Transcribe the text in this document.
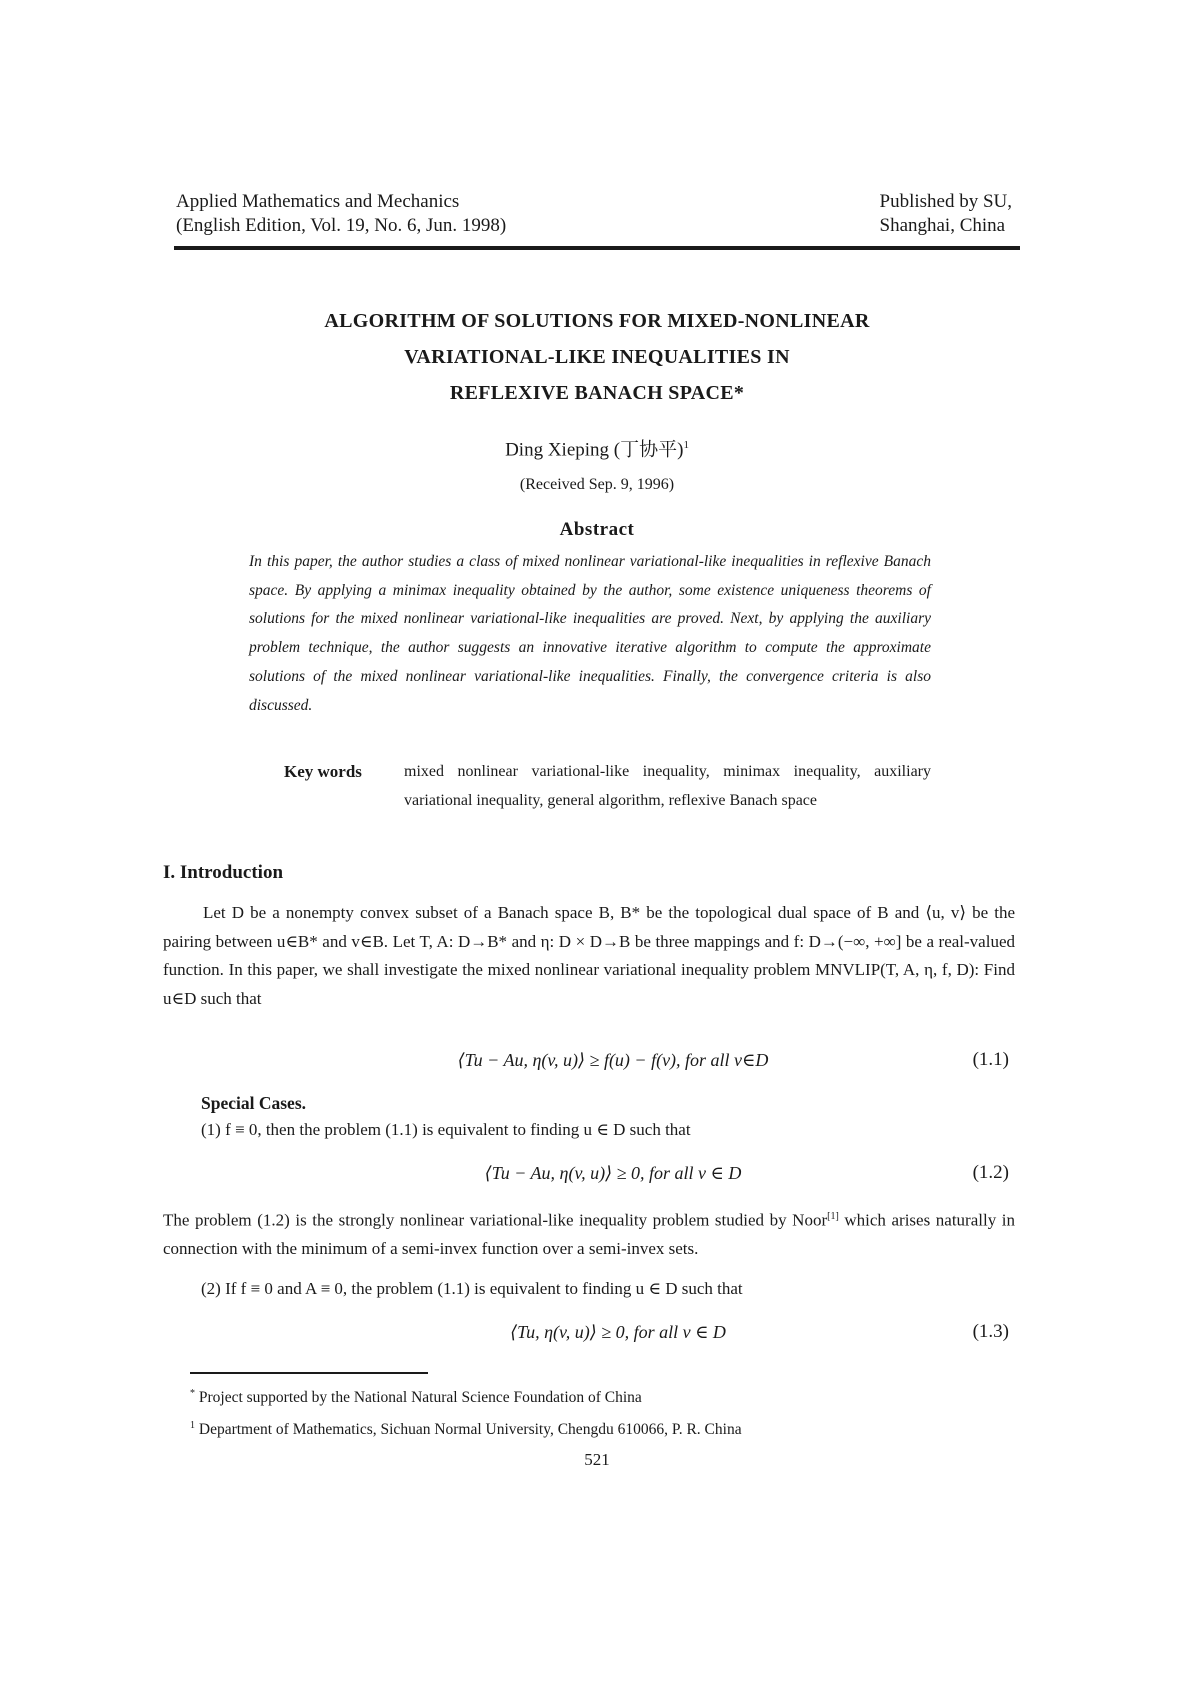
Applied Mathematics and Mechanics
(English Edition, Vol. 19, No. 6, Jun. 1998)
Published by SU,
Shanghai, China
ALGORITHM OF SOLUTIONS FOR MIXED-NONLINEAR
VARIATIONAL-LIKE INEQUALITIES IN
REFLEXIVE BANACH SPACE*
Ding Xieping (丁协平)$^1$
(Received Sep. 9, 1996)
Abstract
In this paper, the author studies a class of mixed nonlinear variational-like inequalities in reflexive Banach space. By applying a minimax inequality obtained by the author, some existence uniqueness theorems of solutions for the mixed nonlinear variational-like inequalities are proved. Next, by applying the auxiliary problem technique, the author suggests an innovative iterative algorithm to compute the approximate solutions of the mixed nonlinear variational-like inequalities. Finally, the convergence criteria is also discussed.
Key words	mixed nonlinear variational-like inequality, minimax inequality, auxiliary variational inequality, general algorithm, reflexive Banach space
I. Introduction
Let D be a nonempty convex subset of a Banach space B, B* be the topological dual space of B and ⟨u, v⟩ be the pairing between u∈B* and v∈B. Let T, A: D→B* and η: D × D→B be three mappings and f: D→(−∞, +∞] be a real-valued function. In this paper, we shall investigate the mixed nonlinear variational inequality problem MNVLIP(T, A, η, f, D): Find u∈D such that
⟨Tu − Au, η(v, u)⟩ ≥ f(u) − f(v), for all v∈D	(1.1)
Special Cases.
(1) f ≡ 0, then the problem (1.1) is equivalent to finding u ∈ D such that
⟨Tu − Au, η(v, u)⟩ ≥ 0, for all v ∈ D	(1.2)
The problem (1.2) is the strongly nonlinear variational-like inequality problem studied by Noor[1] which arises naturally in connection with the minimum of a semi-invex function over a semi-invex sets.
(2) If f ≡ 0 and A ≡ 0, the problem (1.1) is equivalent to finding u ∈ D such that
⟨Tu, η(v, u)⟩ ≥ 0, for all v ∈ D	(1.3)
* Project supported by the National Natural Science Foundation of China
$^1$ Department of Mathematics, Sichuan Normal University, Chengdu 610066, P. R. China
521
